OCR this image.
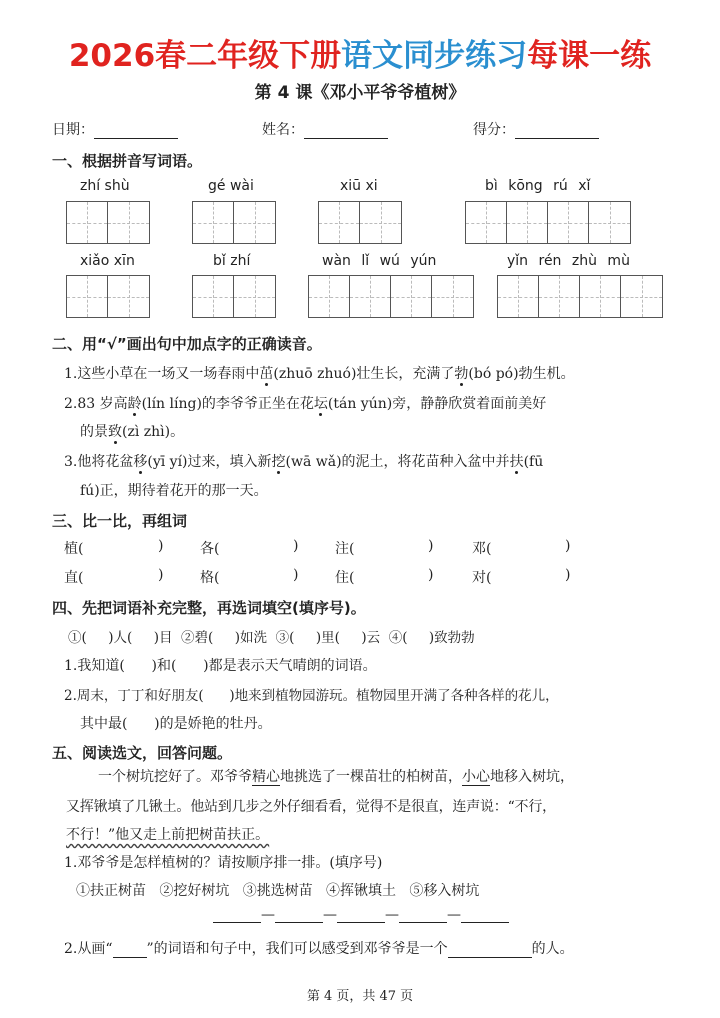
2026春二年级下册语文同步练习每课一练
第 4 课《邓小平爷爷植树》
日期：	姓名：	得分：
一、根据拼音写词语。
zhí shù	gé wài	xiū xi	bì kōng rú xǐ
xiǎo xīn	bǐ zhí	wàn lǐ wú yún	yǐn rén zhù mù
二、用“√”画出句中加点字的正确读音。
1.这些小草在一场又一场春雨中茁(zhuō zhuó)壮生长，充满了勃(bó pó)勃生机。
2.83 岁高龄(lín líng)的李爷爷正坐在花坛(tán yún)旁，静静欣赏着面前美好
的景致(zì zhì)。
3.他将花盆移(yī yí)过来，填入新挖(wā wǎ)的泥土，将花苗种入盆中并扶(fū
fú)正，期待着花开的那一天。
三、比一比，再组词
植(	)	各(	)	注(	)	邓(	)
直(	)	格(	)	住(	)	对(	)
四、先把词语补充完整，再选词填空(填序号)。
①(     )人(     )目  ②碧(     )如洗  ③(     )里(     )云  ④(     )致勃勃
1.我知道(      )和(      )都是表示天气晴朗的词语。
2.周末，丁丁和好朋友(      )地来到植物园游玩。植物园里开满了各种各样的花儿，
其中最(      )的是娇艳的牡丹。
五、阅读选文，回答问题。
一个树坑挖好了。邓爷爷精心地挑选了一棵苗壮的柏树苗，小心地移入树坑，
又挥锹填了几锹土。他站到几步之外仔细看看，觉得不是很直，连声说：“不行，
不行！”他又走上前把树苗扶正。
1.邓爷爷是怎样植树的？请按顺序排一排。(填序号)
①扶正树苗   ②挖好树坑   ③挑选树苗   ④挥锹填土   ⑤移入树坑
—	—	—	—
2.从画“ ”的词语和句子中，我们可以感受到邓爷爷是一个	的人。
第 4 页，共 47 页
